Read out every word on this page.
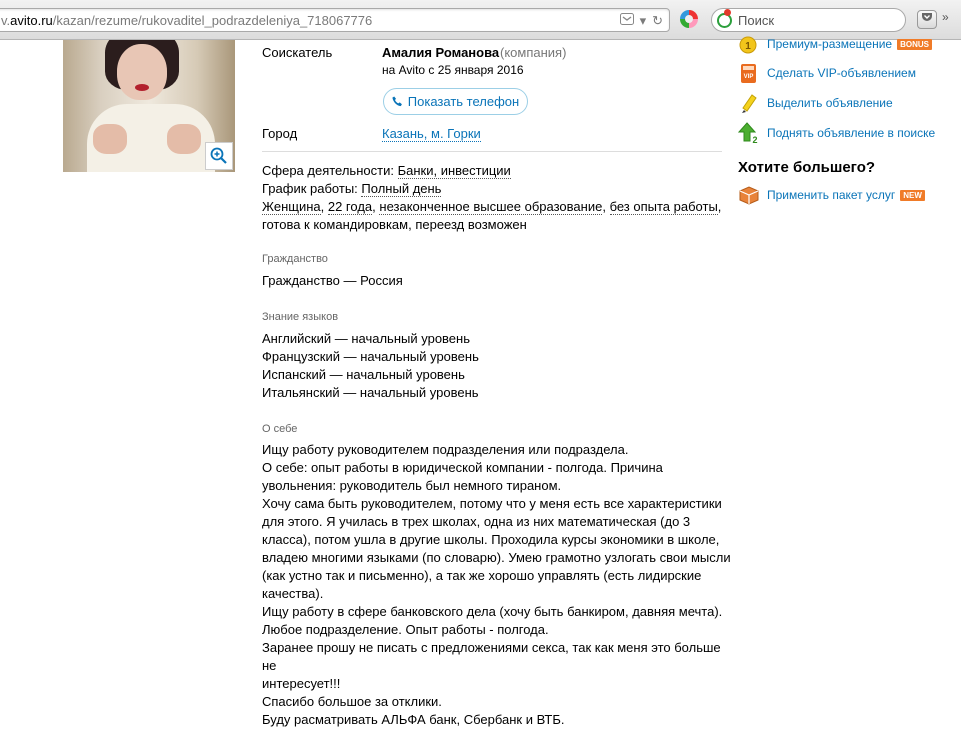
v.avito.ru/kazan/rezume/rukovaditel_podrazdeleniya_718067776	▾ ↻
Поиск	»
Соискатель	Амалия Романова (компания)
на Avito с 25 января 2016
Показать телефон
Город	Казань, м. Горки
Сфера деятельности: Банки, инвестиции
График работы: Полный день
Женщина, 22 года, незаконченное высшее образование, без опыта работы,
готова к командировкам, переезд возможен
Гражданство
Гражданство — Россия
Знание языков
Английский — начальный уровень
Французский — начальный уровень
Испанский — начальный уровень
Итальянский — начальный уровень
О себе
Ищу работу руководителем подразделения или подраздела.
О себе: опыт работы в юридической компании - полгода. Причина
увольнения: руководитель был немного тираном.
Хочу сама быть руководителем, потому что у меня есть все характеристики
для этого. Я училась в трех школах, одна из них математическая (до 3
класса), потом ушла в другие школы. Проходила курсы экономики в школе,
владею многими языками (по словарю). Умею грамотно узлогать свои мысли
(как устно так и письменно), а так же хорошо управлять (есть лидирские
качества).
Ищу работу в сфере банковского дела (хочу быть банкиром, давняя мечта).
Любое подразделение. Опыт работы - полгода.
Заранее прошу не писать с предложениями секса, так как меня это больше не
интересует!!!
Спасибо большое за отклики.
Буду расматривать АЛЬФА банк, Сбербанк и ВТБ.
1 Премиум-размещение	BONUS
VIP Сделать VIP-объявлением
Выделить объявление
2 Поднять объявление в поиске
Хотите большего?
Применить пакет услуг	NEW
